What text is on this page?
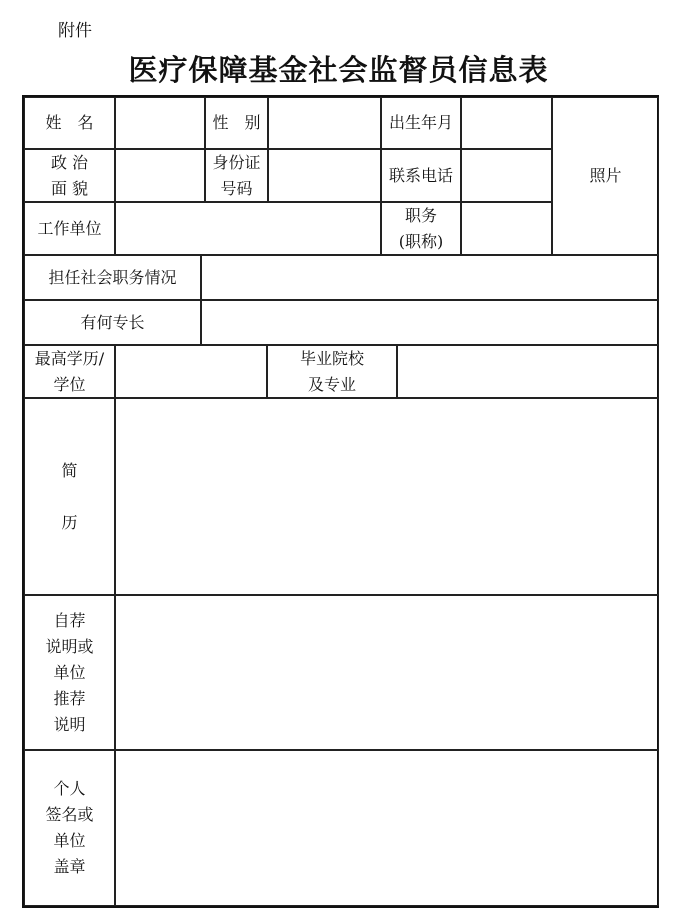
附件
医疗保障基金社会监督员信息表
姓　名	性　别	出生年月
照片
政 治
面 貌
身份证
号码
联系电话
工作单位
职务
(职称)
担任社会职务情况
有何专长
最高学历/
学位
毕业院校
及专业
简

历
自荐
说明或
单位
推荐
说明
个人
签名或
单位
盖章
